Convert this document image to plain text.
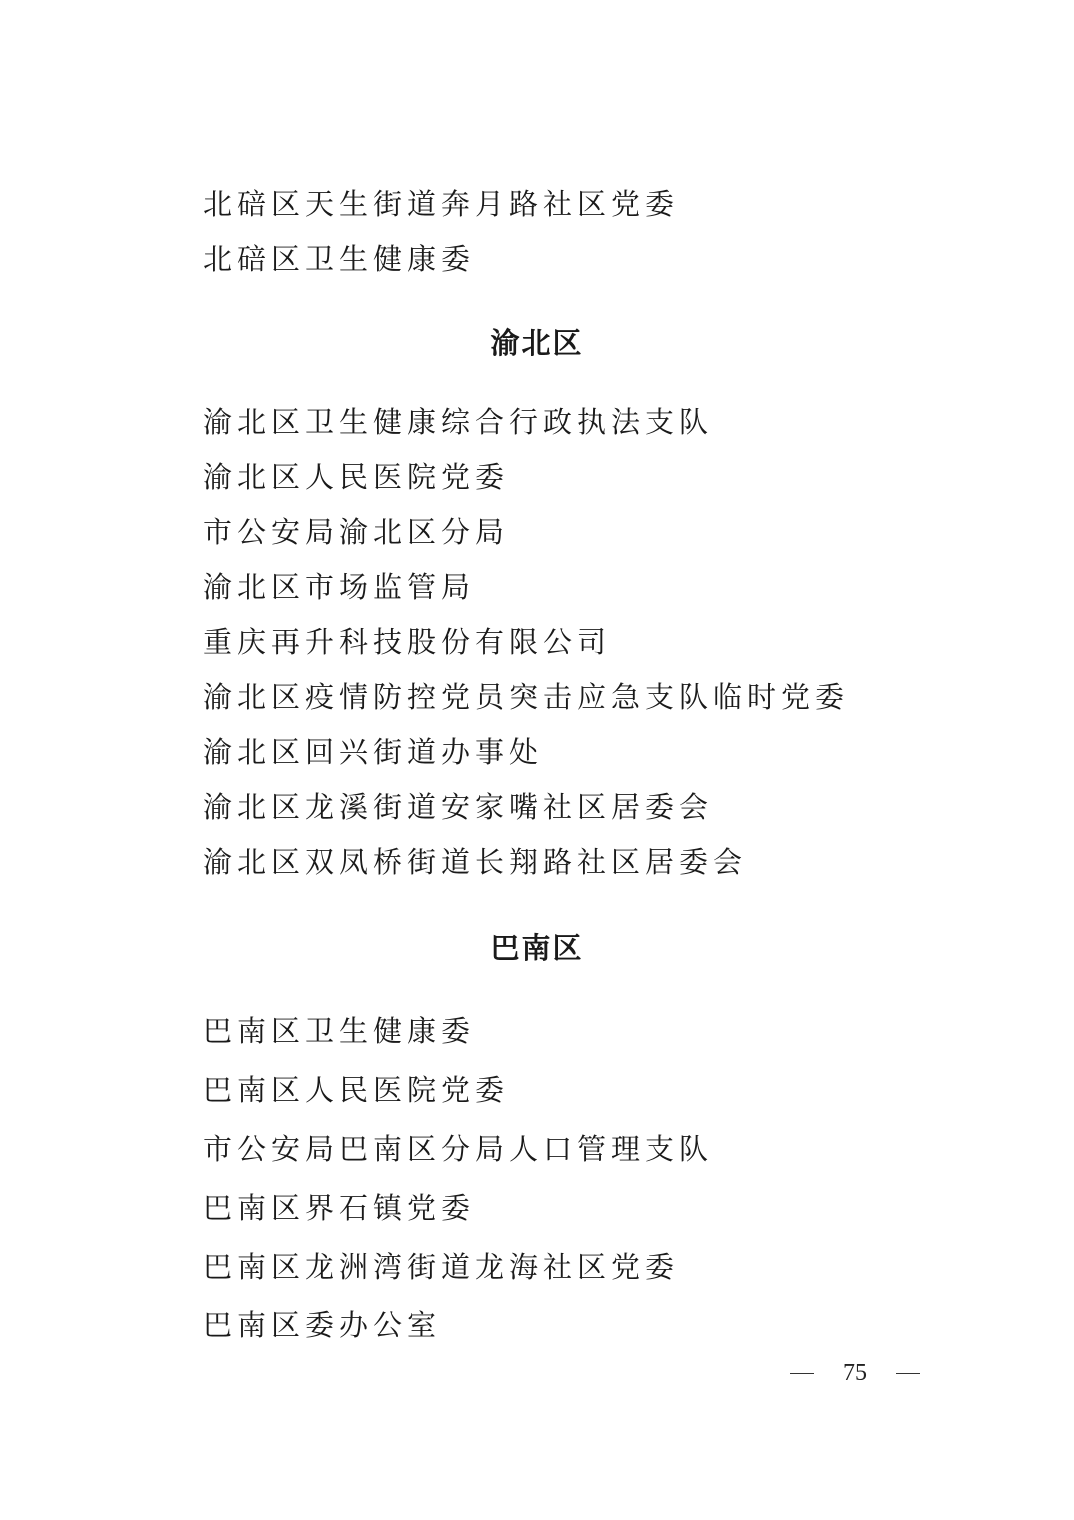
北碚区天生街道奔月路社区党委

北碚区卫生健康委

渝北区

渝北区卫生健康综合行政执法支队

渝北区人民医院党委

市公安局渝北区分局

渝北区市场监管局

重庆再升科技股份有限公司

渝北区疫情防控党员突击应急支队临时党委

渝北区回兴街道办事处

渝北区龙溪街道安家嘴社区居委会

渝北区双凤桥街道长翔路社区居委会

巴南区

巴南区卫生健康委

巴南区人民医院党委

市公安局巴南区分局人口管理支队

巴南区界石镇党委

巴南区龙洲湾街道龙海社区党委

巴南区委办公室

75
